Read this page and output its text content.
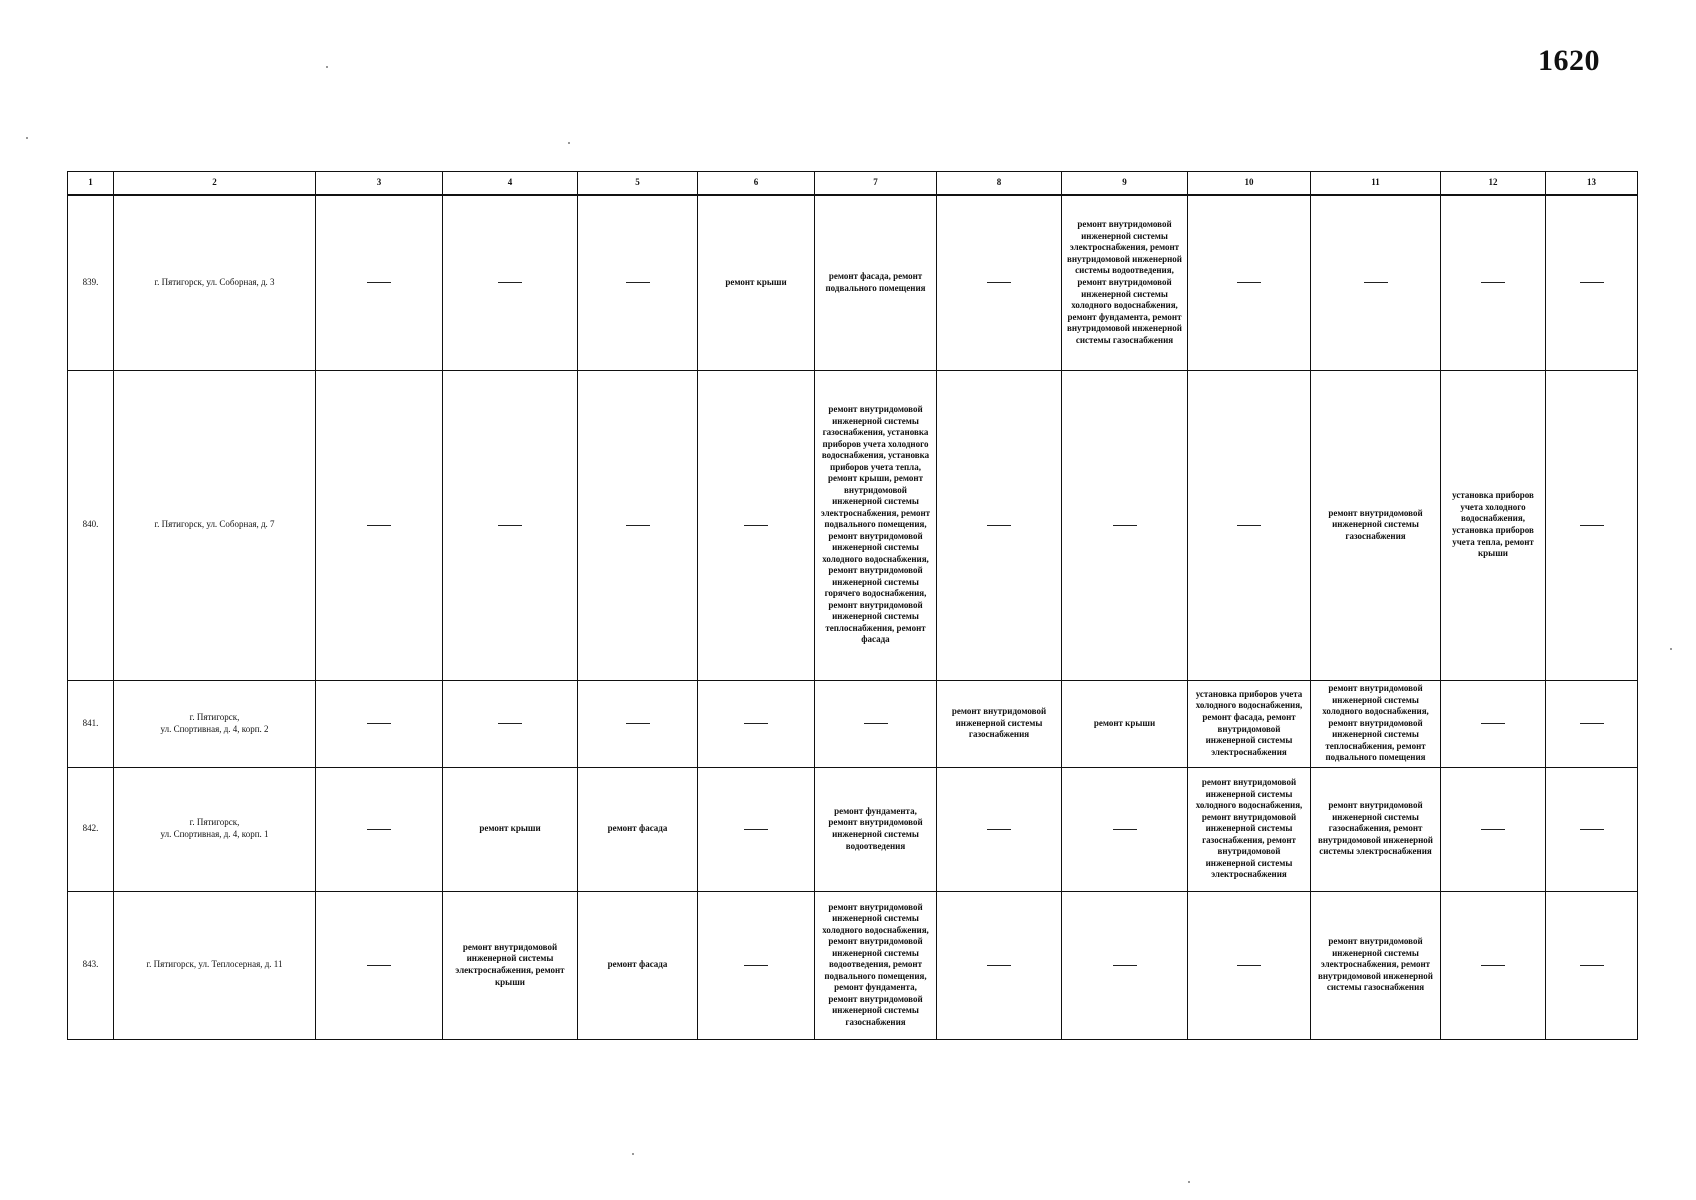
1620
1	2	3	4	5	6	7	8	9	10	11	12	13
839.	г. Пятигорск, ул. Соборная, д. 3				ремонт крыши	ремонт фасада, ремонт подвального помещения		ремонт внутридомовой инженерной системы электроснабжения, ремонт внутридомовой инженерной системы водоотведения, ремонт внутридомовой инженерной системы холодного водоснабжения, ремонт фундамента, ремонт внутридомовой инженерной системы газоснабжения				
840.	г. Пятигорск, ул. Соборная, д. 7					ремонт внутридомовой инженерной системы газоснабжения, установка приборов учета холодного водоснабжения, установка приборов учета тепла, ремонт крыши, ремонт внутридомовой инженерной системы электроснабжения, ремонт подвального помещения, ремонт внутридомовой инженерной системы холодного водоснабжения, ремонт внутридомовой инженерной системы горячего водоснабжения, ремонт внутридомовой инженерной системы теплоснабжения, ремонт фасада				ремонт внутридомовой инженерной системы газоснабжения	установка приборов учета холодного водоснабжения, установка приборов учета тепла, ремонт крыши	
841.	г. Пятигорск,
ул. Спортивная, д. 4, корп. 2						ремонт внутридомовой инженерной системы газоснабжения	ремонт крыши	установка приборов учета холодного водоснабжения, ремонт фасада, ремонт внутридомовой инженерной системы электроснабжения	ремонт внутридомовой инженерной системы холодного водоснабжения, ремонт внутридомовой инженерной системы теплоснабжения, ремонт подвального помещения		
842.	г. Пятигорск,
ул. Спортивная, д. 4, корп. 1		ремонт крыши	ремонт фасада		ремонт фундамента, ремонт внутридомовой инженерной системы водоотведения			ремонт внутридомовой инженерной системы холодного водоснабжения, ремонт внутридомовой инженерной системы газоснабжения, ремонт внутридомовой инженерной системы электроснабжения	ремонт внутридомовой инженерной системы газоснабжения, ремонт внутридомовой инженерной системы электроснабжения		
843.	г. Пятигорск, ул. Теплосерная, д. 11		ремонт внутридомовой инженерной системы электроснабжения, ремонт крыши	ремонт фасада		ремонт внутридомовой инженерной системы холодного водоснабжения, ремонт внутридомовой инженерной системы водоотведения, ремонт подвального помещения, ремонт фундамента, ремонт внутридомовой инженерной системы газоснабжения				ремонт внутридомовой инженерной системы электроснабжения, ремонт внутридомовой инженерной системы газоснабжения		
